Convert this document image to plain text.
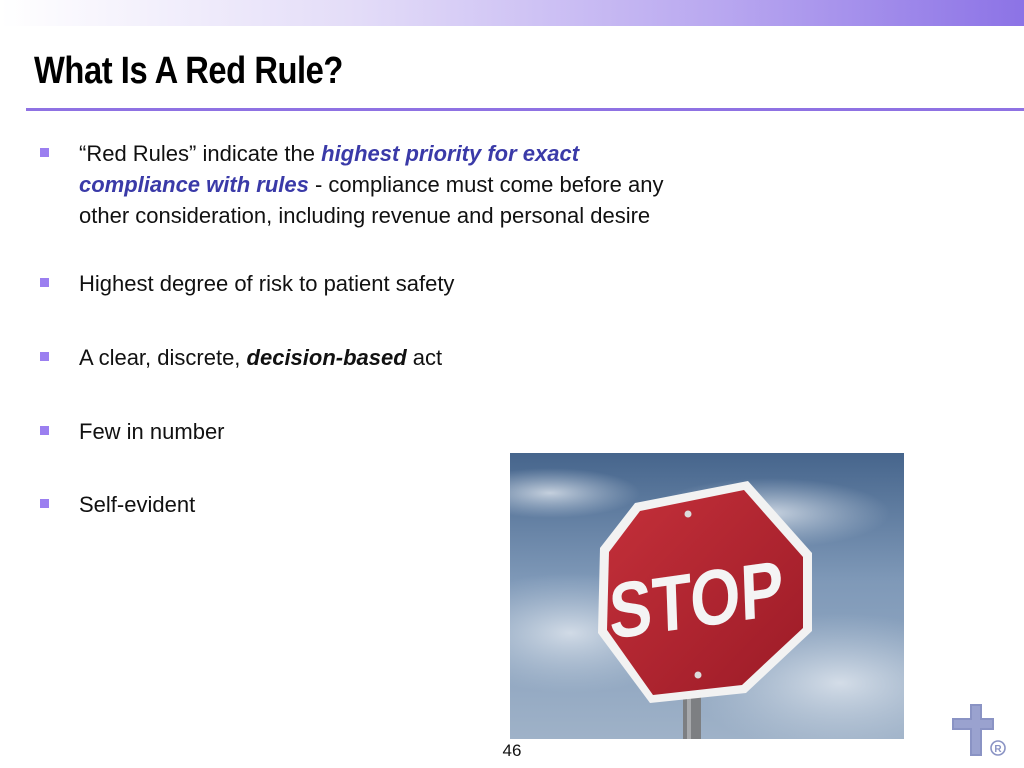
What Is A Red Rule?
“Red Rules” indicate the highest priority for exact
compliance with rules - compliance must come before any
other consideration, including revenue and personal desire
Highest degree of risk to patient safety
A clear, discrete, decision-based act
Few in number
Self-evident
STOP
46	R
